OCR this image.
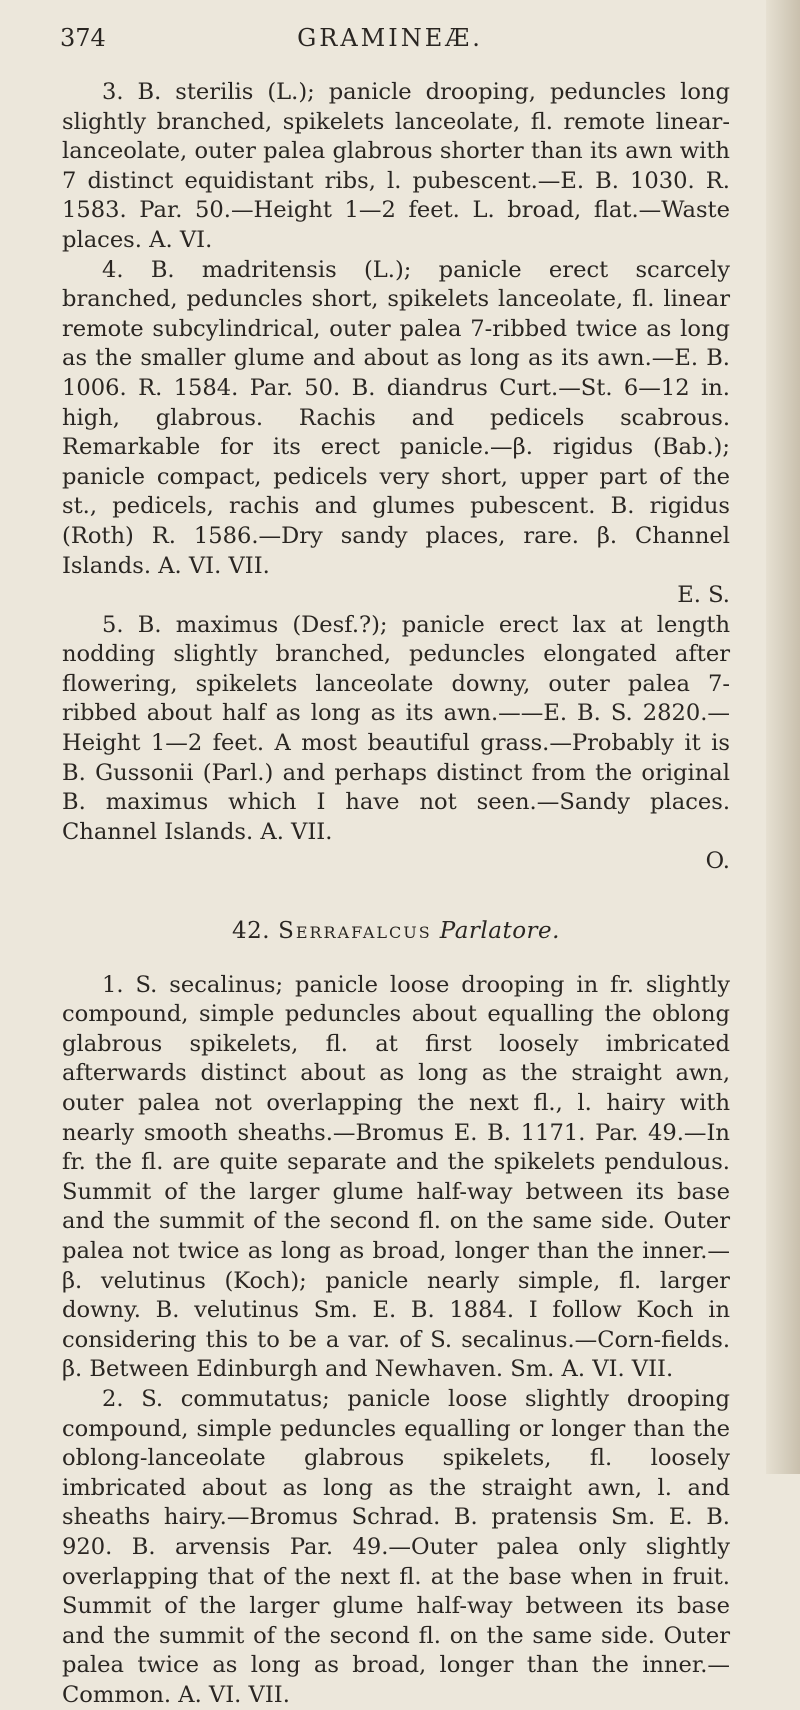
374	GRAMINEÆ.

3. B. sterilis (L.); panicle drooping, peduncles long slightly branched, spikelets lanceolate, fl. remote linear-lanceolate, outer palea glabrous shorter than its awn with 7 distinct equidistant ribs, l. pubescent.—E. B. 1030. R. 1583. Par. 50.—Height 1—2 feet. L. broad, flat.—Waste places. A. VI.

4. B. madritensis (L.); panicle erect scarcely branched, peduncles short, spikelets lanceolate, fl. linear remote subcylindrical, outer palea 7-ribbed twice as long as the smaller glume and about as long as its awn.—E. B. 1006. R. 1584. Par. 50. B. diandrus Curt.—St. 6—12 in. high, glabrous. Rachis and pedicels scabrous. Remarkable for its erect panicle.—β. rigidus (Bab.); panicle compact, pedicels very short, upper part of the st., pedicels, rachis and glumes pubescent. B. rigidus (Roth) R. 1586.—Dry sandy places, rare. β. Channel Islands. A. VI. VII.
E. S.

5. B. maximus (Desf.?); panicle erect lax at length nodding slightly branched, peduncles elongated after flowering, spikelets lanceolate downy, outer palea 7-ribbed about half as long as its awn.——E. B. S. 2820.—Height 1—2 feet. A most beautiful grass.—Probably it is B. Gussonii (Parl.) and perhaps distinct from the original B. maximus which I have not seen.—Sandy places. Channel Islands. A. VII.
O.

42. Serrafalcus Parlatore.

1. S. secalinus; panicle loose drooping in fr. slightly compound, simple peduncles about equalling the oblong glabrous spikelets, fl. at first loosely imbricated afterwards distinct about as long as the straight awn, outer palea not overlapping the next fl., l. hairy with nearly smooth sheaths.—Bromus E. B. 1171. Par. 49.—In fr. the fl. are quite separate and the spikelets pendulous. Summit of the larger glume half-way between its base and the summit of the second fl. on the same side. Outer palea not twice as long as broad, longer than the inner.—β. velutinus (Koch); panicle nearly simple, fl. larger downy. B. velutinus Sm. E. B. 1884. I follow Koch in considering this to be a var. of S. secalinus.—Corn-fields. β. Between Edinburgh and Newhaven. Sm. A. VI. VII.

2. S. commutatus; panicle loose slightly drooping compound, simple peduncles equalling or longer than the oblong-lanceolate glabrous spikelets, fl. loosely imbricated about as long as the straight awn, l. and sheaths hairy.—Bromus Schrad. B. pratensis Sm. E. B. 920. B. arvensis Par. 49.—Outer palea only slightly overlapping that of the next fl. at the base when in fruit. Summit of the larger glume half-way between its base and the summit of the second fl. on the same side. Outer palea twice as long as broad, longer than the inner.—Common. A. VI. VII.
